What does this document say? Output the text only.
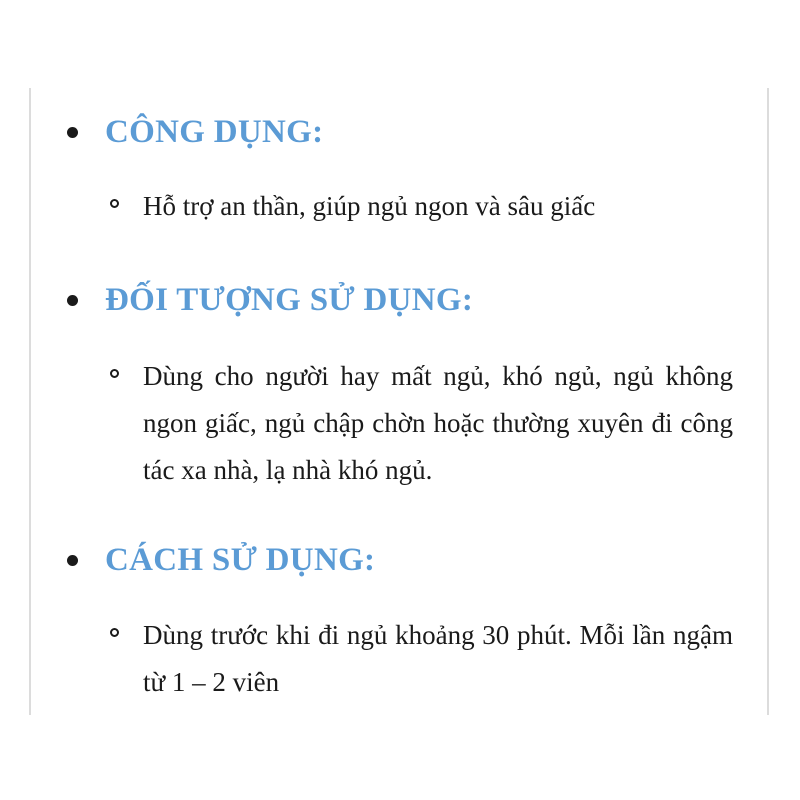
CÔNG DỤNG:
Hỗ trợ an thần, giúp ngủ ngon và sâu giấc
ĐỐI TƯỢNG SỬ DỤNG:
Dùng cho người hay mất ngủ, khó ngủ, ngủ không ngon giấc, ngủ chập chờn hoặc thường xuyên đi công tác xa nhà, lạ nhà khó ngủ.
CÁCH SỬ DỤNG:
Dùng trước khi đi ngủ khoảng 30 phút. Mỗi lần ngậm từ 1 – 2 viên
